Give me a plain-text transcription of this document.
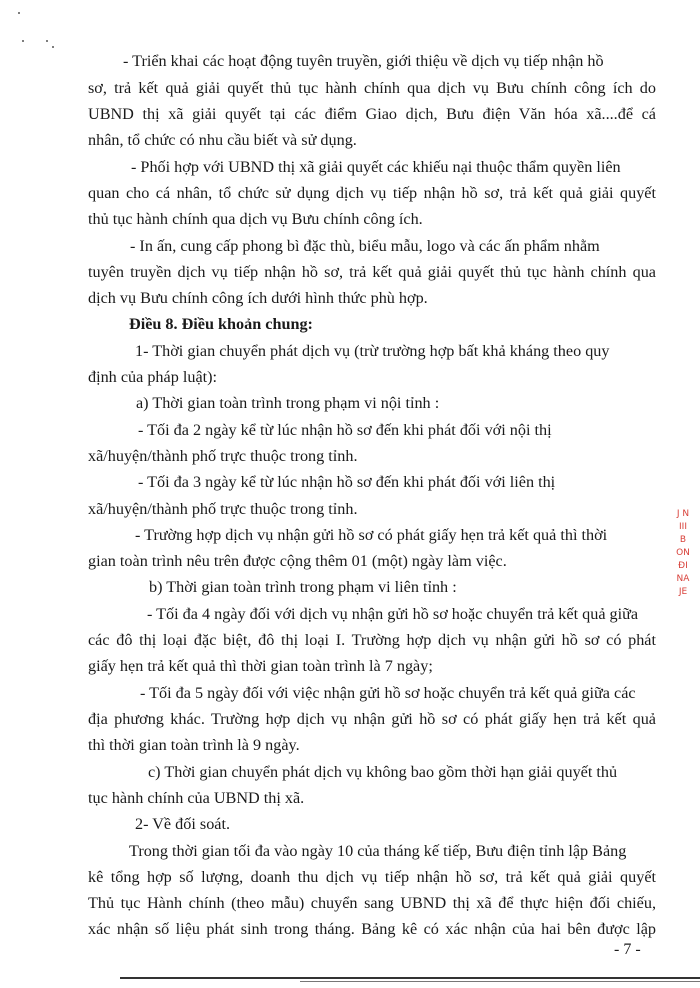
- Triển khai các hoạt động tuyên truyền, giới thiệu về dịch vụ tiếp nhận hồ
sơ, trả kết quả giải quyết thủ tục hành chính qua dịch vụ Bưu chính công ích do
UBND thị xã giải quyết tại các điểm Giao dịch, Bưu điện Văn hóa xã....để cá
nhân, tổ chức có nhu cầu biết và sử dụng.
- Phối hợp với UBND thị xã giải quyết các khiếu nại thuộc thẩm quyền liên
quan cho cá nhân, tổ chức sử dụng dịch vụ tiếp nhận hồ sơ, trả kết quả giải quyết
thủ tục hành chính qua dịch vụ Bưu chính công ích.
- In ấn, cung cấp phong bì đặc thù, biểu mẫu, logo và các ấn phẩm nhằm
tuyên truyền dịch vụ tiếp nhận hồ sơ, trả kết quả giải quyết thủ tục hành chính qua
dịch vụ Bưu chính công ích dưới hình thức phù hợp.
Điều 8. Điều khoản chung:
1- Thời gian chuyển phát dịch vụ (trừ trường hợp bất khả kháng theo quy
định của pháp luật):
a) Thời gian toàn trình trong phạm vi nội tỉnh :
- Tối đa 2 ngày kể từ lúc nhận hồ sơ đến khi phát đối với nội thị
xã/huyện/thành phố trực thuộc trong tỉnh.
- Tối đa 3 ngày kể từ lúc nhận hồ sơ đến khi phát đối với liên thị
xã/huyện/thành phố trực thuộc trong tỉnh.
- Trường hợp dịch vụ nhận gửi hồ sơ có phát giấy hẹn trả kết quả thì thời
gian toàn trình nêu trên được cộng thêm 01 (một) ngày làm việc.
b) Thời gian toàn trình trong phạm vi liên tỉnh :
- Tối đa 4 ngày đối với dịch vụ nhận gửi hồ sơ hoặc chuyển trả kết quả giữa
các đô thị loại đặc biệt, đô thị loại I. Trường hợp dịch vụ nhận gửi hồ sơ có phát
giấy hẹn trả kết quả thì thời gian toàn trình là 7 ngày;
- Tối đa 5 ngày đối với việc nhận gửi hồ sơ hoặc chuyển trả kết quả giữa các
địa phương khác. Trường hợp dịch vụ nhận gửi hồ sơ có phát giấy hẹn trả kết quả
thì thời gian toàn trình là 9 ngày.
c) Thời gian chuyển phát dịch vụ không bao gồm thời hạn giải quyết thủ
tục hành chính của UBND thị xã.
2- Về đối soát.
Trong thời gian tối đa vào ngày 10 của tháng kế tiếp, Bưu điện tỉnh lập Bảng
kê tổng hợp số lượng, doanh thu dịch vụ tiếp nhận hồ sơ, trả kết quả giải quyết
Thủ tục Hành chính (theo mẫu) chuyển sang UBND thị xã để thực hiện đối chiếu,
xác nhận số liệu phát sinh trong tháng. Bảng kê có xác nhận của hai bên được lập
- 7 -
J N
III
B
ON
ĐI
NA
JE
